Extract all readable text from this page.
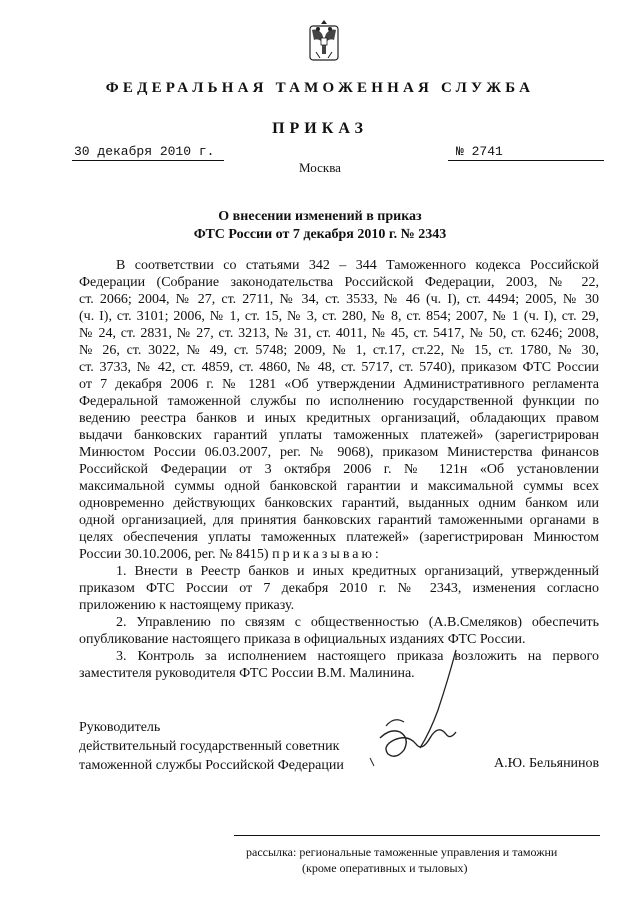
ФЕДЕРАЛЬНАЯ ТАМОЖЕННАЯ СЛУЖБА
ПРИКАЗ
30 декабря 2010 г.	№ 2741
Москва
О внесении изменений в приказ
ФТС России от 7 декабря 2010 г. № 2343
В соответствии со статьями 342 – 344 Таможенного кодекса Российской
Федерации (Собрание законодательства Российской Федерации, 2003, № 22,
ст. 2066; 2004, № 27, ст. 2711, № 34, ст. 3533, № 46 (ч. I), ст. 4494; 2005, № 30
(ч. I), ст. 3101; 2006, № 1, ст. 15, № 3, ст. 280, № 8, ст. 854; 2007, № 1 (ч. I), ст. 29,
№ 24, ст. 2831, № 27, ст. 3213, № 31, ст. 4011, № 45, ст. 5417, № 50, ст. 6246; 2008,
№ 26, ст. 3022, № 49, ст. 5748; 2009, № 1, ст.17, ст.22, № 15, ст. 1780, № 30,
ст. 3733, № 42, ст. 4859, ст. 4860, № 48, ст. 5717, ст. 5740), приказом ФТС России
от 7 декабря 2006 г. № 1281 «Об утверждении Административного регламента
Федеральной таможенной службы по исполнению государственной функции по
ведению реестра банков и иных кредитных организаций, обладающих правом
выдачи банковских гарантий уплаты таможенных платежей» (зарегистрирован
Минюстом России 06.03.2007, рег. № 9068), приказом Министерства финансов
Российской Федерации от 3 октября 2006 г. № 121н «Об установлении
максимальной суммы одной банковской гарантии и максимальной суммы всех
одновременно действующих банковских гарантий, выданных одним банком или
одной организацией, для принятия банковских гарантий таможенными органами в
целях обеспечения уплаты таможенных платежей» (зарегистрирован Минюстом
России 30.10.2006, рег. № 8415) приказываю:
1. Внести в Реестр банков и иных кредитных организаций, утвержденный
приказом ФТС России от 7 декабря 2010 г. № 2343, изменения согласно
приложению к настоящему приказу.
2. Управлению по связям с общественностью (А.В.Смеляков) обеспечить
опубликование настоящего приказа в официальных изданиях ФТС России.
3. Контроль за исполнением настоящего приказа возложить на первого
заместителя руководителя ФТС России В.М. Малинина.
Руководитель
действительный государственный советник
таможенной службы Российской Федерации	А.Ю. Бельянинов
рассылка: региональные таможенные управления и таможни
(кроме оперативных и тыловых)
